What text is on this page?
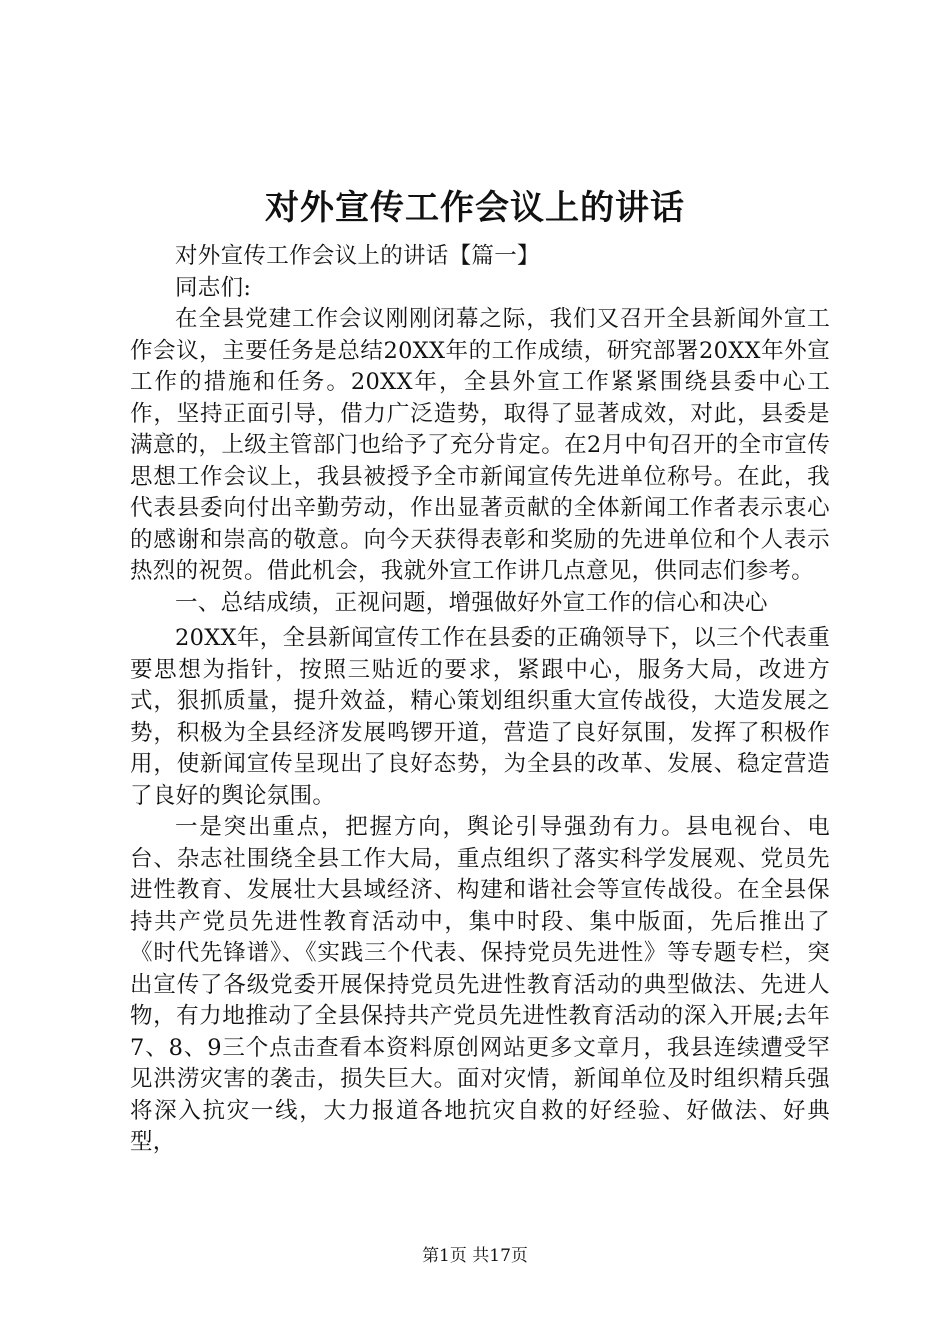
对外宣传工作会议上的讲话

对外宣传工作会议上的讲话【篇一】

同志们:

在全县党建工作会议刚刚闭幕之际，我们又召开全县新闻外宣工作会议，主要任务是总结20XX年的工作成绩，研究部署20XX年外宣工作的措施和任务。20XX年，全县外宣工作紧紧围绕县委中心工作，坚持正面引导，借力广泛造势，取得了显著成效，对此，县委是满意的，上级主管部门也给予了充分肯定。在2月中旬召开的全市宣传思想工作会议上，我县被授予全市新闻宣传先进单位称号。在此，我代表县委向付出辛勤劳动，作出显著贡献的全体新闻工作者表示衷心的感谢和崇高的敬意。向今天获得表彰和奖励的先进单位和个人表示热烈的祝贺。借此机会，我就外宣工作讲几点意见，供同志们参考。

一、总结成绩，正视问题，增强做好外宣工作的信心和决心

20XX年，全县新闻宣传工作在县委的正确领导下，以三个代表重要思想为指针，按照三贴近的要求，紧跟中心，服务大局，改进方式，狠抓质量，提升效益，精心策划组织重大宣传战役，大造发展之势，积极为全县经济发展鸣锣开道，营造了良好氛围，发挥了积极作用，使新闻宣传呈现出了良好态势，为全县的改革、发展、稳定营造了良好的舆论氛围。

一是突出重点，把握方向，舆论引导强劲有力。县电视台、电台、杂志社围绕全县工作大局，重点组织了落实科学发展观、党员先进性教育、发展壮大县域经济、构建和谐社会等宣传战役。在全县保持共产党员先进性教育活动中，集中时段、集中版面，先后推出了《时代先锋谱》、《实践三个代表、保持党员先进性》等专题专栏，突出宣传了各级党委开展保持党员先进性教育活动的典型做法、先进人物，有力地推动了全县保持共产党员先进性教育活动的深入开展;去年7、8、9三个点击查看本资料原创网站更多文章月，我县连续遭受罕见洪涝灾害的袭击，损失巨大。面对灾情，新闻单位及时组织精兵强将深入抗灾一线，大力报道各地抗灾自救的好经验、好做法、好典型，

第1页 共17页
